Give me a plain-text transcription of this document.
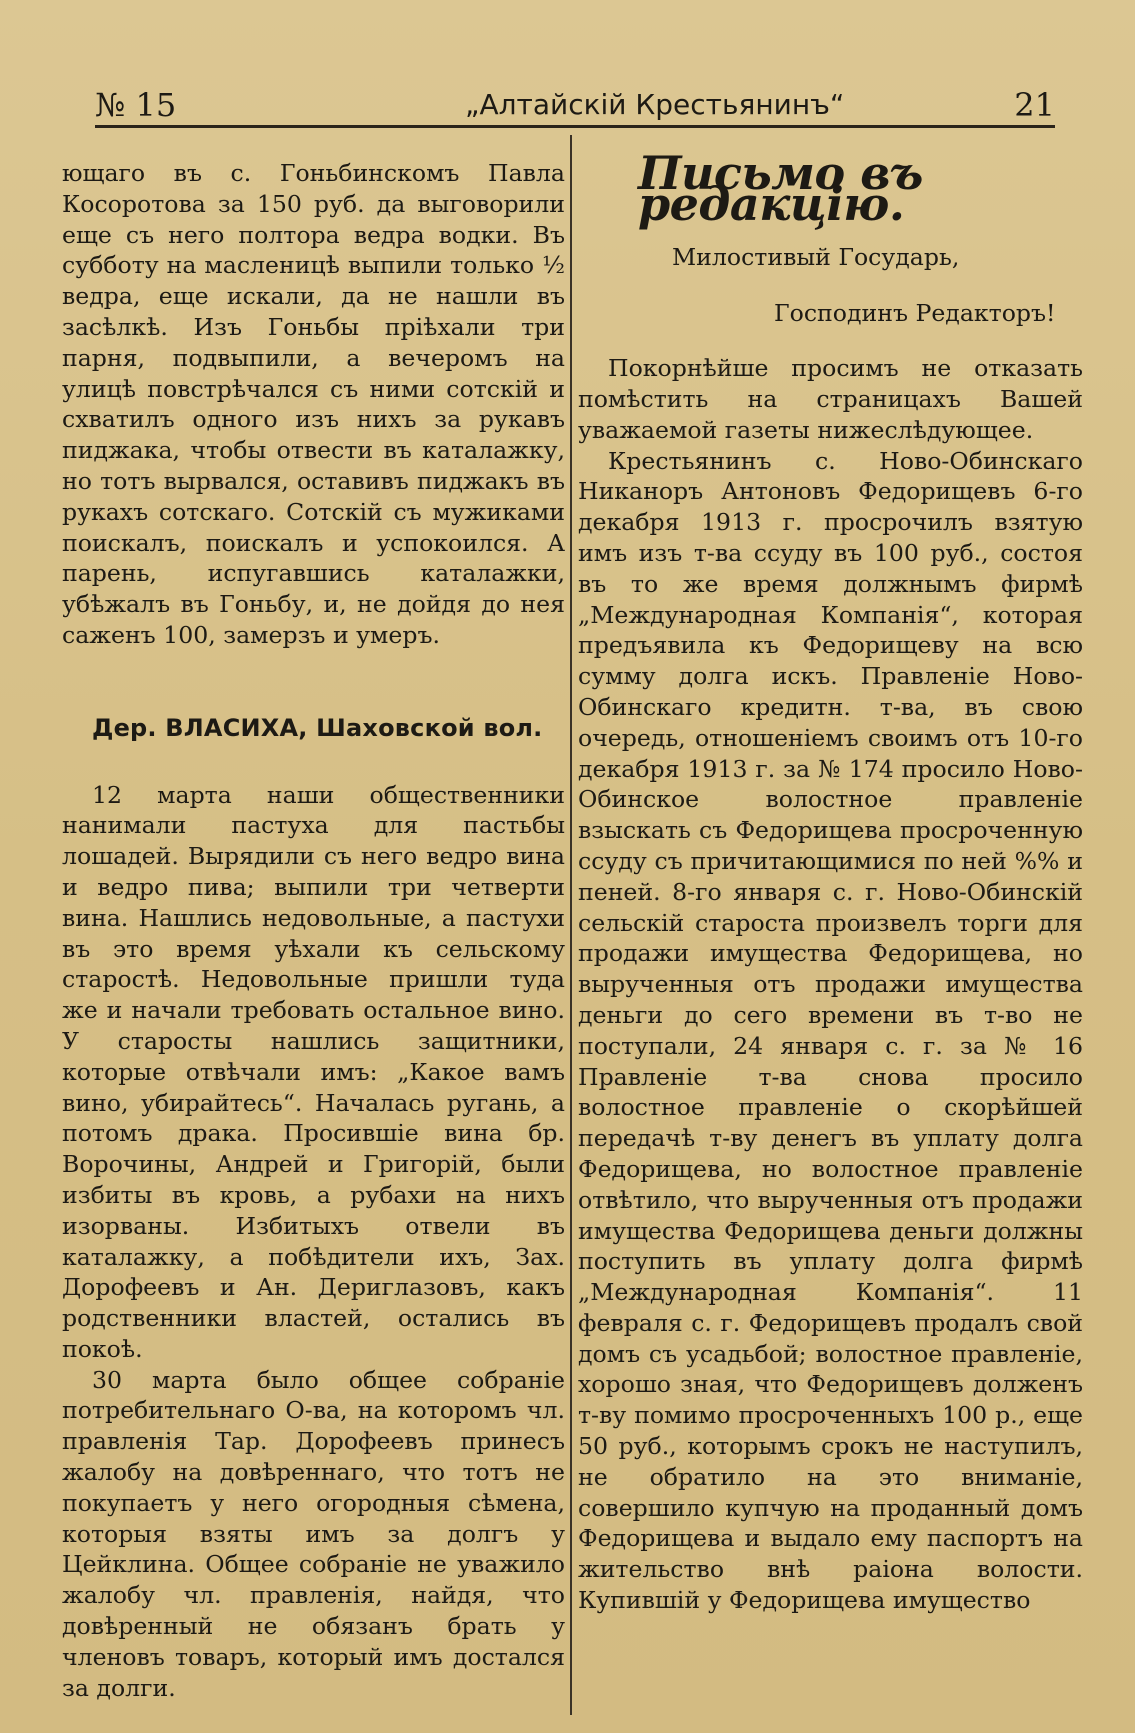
№ 15	„Алтайскій Крестьянинъ“	21

ющаго въ с. Гоньбинскомъ Павла Косоротова за 150 руб. да выговорили еще съ него полтора ведра водки. Въ субботу на масленицѣ выпили только ½ ведра, еще искали, да не нашли въ засѣлкѣ. Изъ Гоньбы пріѣхали три парня, подвыпили, а вечеромъ на улицѣ повстрѣчался съ ними сотскій и схватилъ одного изъ нихъ за рукавъ пиджака, чтобы отвести въ каталажку, но тотъ вырвался, оставивъ пиджакъ въ рукахъ сотскаго. Сотскій съ мужиками поискалъ, поискалъ и успокоился. А парень, испугавшись каталажки, убѣжалъ въ Гоньбу, и, не дойдя до нея саженъ 100, замерзъ и умеръ.

Дер. ВЛАСИХА, Шаховской вол.

12 марта наши общественники нанимали пастуха для пастьбы лошадей. Вырядили съ него ведро вина и ведро пива; выпили три четверти вина. Нашлись недовольные, а пастухи въ это время уѣхали къ сельскому старостѣ. Недовольные пришли туда же и начали требовать остальное вино. У старосты нашлись защитники, которые отвѣчали имъ: „Какое вамъ вино, убирайтесь“. Началась ругань, а потомъ драка. Просившіе вина бр. Ворочины, Андрей и Григорій, были избиты въ кровь, а рубахи на нихъ изорваны. Избитыхъ отвели въ каталажку, а побѣдители ихъ, Зах. Дорофеевъ и Ан. Дериглазовъ, какъ родственники властей, остались въ покоѣ.

30 марта было общее собраніе потребительнаго О-ва, на которомъ чл. правленія Тар. Дорофеевъ принесъ жалобу на довѣреннаго, что тотъ не покупаетъ у него огородныя сѣмена, которыя взяты имъ за долгъ у Цейклина. Общее собраніе не уважило жалобу чл. правленія, найдя, что довѣренный не обязанъ брать у членовъ товаръ, который имъ достался за долги.

Письмо въ редакцію.
Милостивый Государь,
Господинъ Редакторъ!

Покорнѣйше просимъ не отказать помѣстить на страницахъ Вашей уважаемой газеты нижеслѣдующее.

Крестьянинъ с. Ново-Обинскаго Никаноръ Антоновъ Федорищевъ 6-го декабря 1913 г. просрочилъ взятую имъ изъ т-ва ссуду въ 100 руб., состоя въ то же время должнымъ фирмѣ „Международная Компанія“, которая предъявила къ Федорищеву на всю сумму долга искъ. Правленіе Ново-Обинскаго кредитн. т-ва, въ свою очередь, отношеніемъ своимъ отъ 10-го декабря 1913 г. за № 174 просило Ново-Обинское волостное правленіе взыскать съ Федорищева просроченную ссуду съ причитающимися по ней %% и пеней. 8-го января с. г. Ново-Обинскій сельскій староста произвелъ торги для продажи имущества Федорищева, но вырученныя отъ продажи имущества деньги до сего времени въ т-во не поступали, 24 января с. г. за № 16 Правленіе т-ва снова просило волостное правленіе о скорѣйшей передачѣ т-ву денегъ въ уплату долга Федорищева, но волостное правленіе отвѣтило, что вырученныя отъ продажи имущества Федорищева деньги должны поступить въ уплату долга фирмѣ „Международная Компанія“. 11 февраля с. г. Федорищевъ продалъ свой домъ съ усадьбой; волостное правленіе, хорошо зная, что Федорищевъ долженъ т-ву помимо просроченныхъ 100 р., еще 50 руб., которымъ срокъ не наступилъ, не обратило на это вниманіе, совершило купчую на проданный домъ Федорищева и выдало ему паспортъ на жительство внѣ раіона волости. Купившій у Федорищева имущество
